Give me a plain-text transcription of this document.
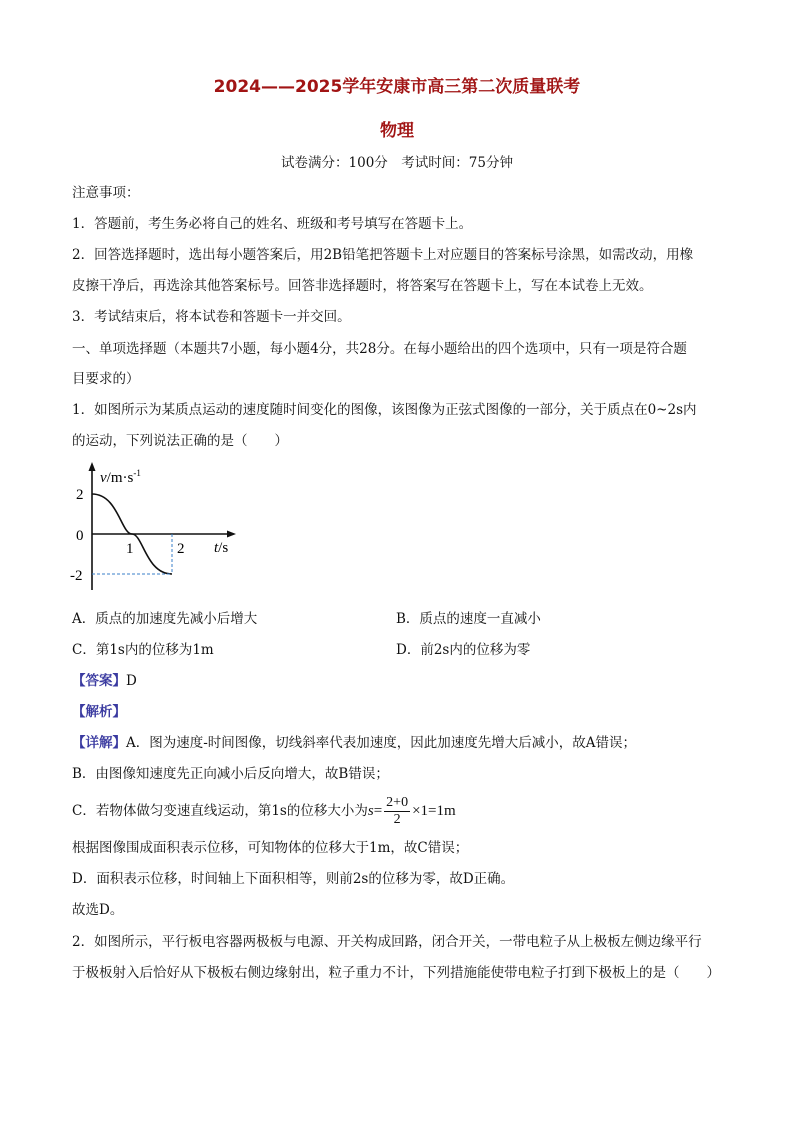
2024——2025学年安康市高三第二次质量联考
物理
试卷满分：100分　考试时间：75分钟
注意事项：
1．答题前，考生务必将自己的姓名、班级和考号填写在答题卡上。
2．回答选择题时，选出每小题答案后，用2B铅笔把答题卡上对应题目的答案标号涂黑，如需改动，用橡
皮擦干净后，再选涂其他答案标号。回答非选择题时，将答案写在答题卡上，写在本试卷上无效。
3．考试结束后，将本试卷和答题卡一并交回。
一、单项选择题（本题共7小题，每小题4分，共28分。在每小题给出的四个选项中，只有一项是符合题
目要求的）
1．如图所示为某质点运动的速度随时间变化的图像，该图像为正弦式图像的一部分，关于质点在0~2s内
的运动，下列说法正确的是（　　）
$v/m\cdot s^{-1}$
2
0
-2
1	2 t/s
A．质点的加速度先减小后增大	B．质点的速度一直减小
C．第1s内的位移为1m	D．前2s内的位移为零
【答案】D
【解析】
【详解】A．图为速度-时间图像，切线斜率代表加速度，因此加速度先增大后减小，故A错误；
B．由图像知速度先正向减小后反向增大，故B错误；
C．若物体做匀变速直线运动，第1s的位移大小为$s= \frac{2+0}{2} \times 1=1m$
根据图像围成面积表示位移，可知物体的位移大于1m，故C错误；
D．面积表示位移，时间轴上下面积相等，则前2s的位移为零，故D正确。
故选D。
2．如图所示，平行板电容器两极板与电源、开关构成回路，闭合开关，一带电粒子从上极板左侧边缘平行
于极板射入后恰好从下极板右侧边缘射出，粒子重力不计，下列措施能使带电粒子打到下极板上的是（　　）
